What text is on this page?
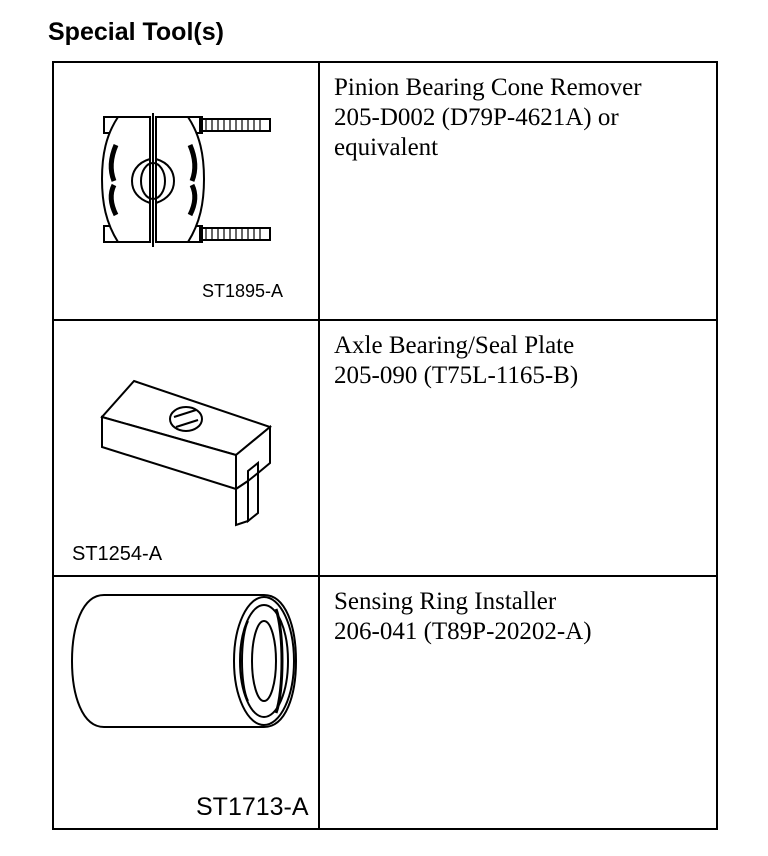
Special Tool(s)
ST1895-A
Pinion Bearing Cone Remover
205-D002 (D79P-4621A) or
equivalent
ST1254-A
Axle Bearing/Seal Plate
205-090 (T75L-1165-B)
ST1713-A
Sensing Ring Installer
206-041 (T89P-20202-A)
